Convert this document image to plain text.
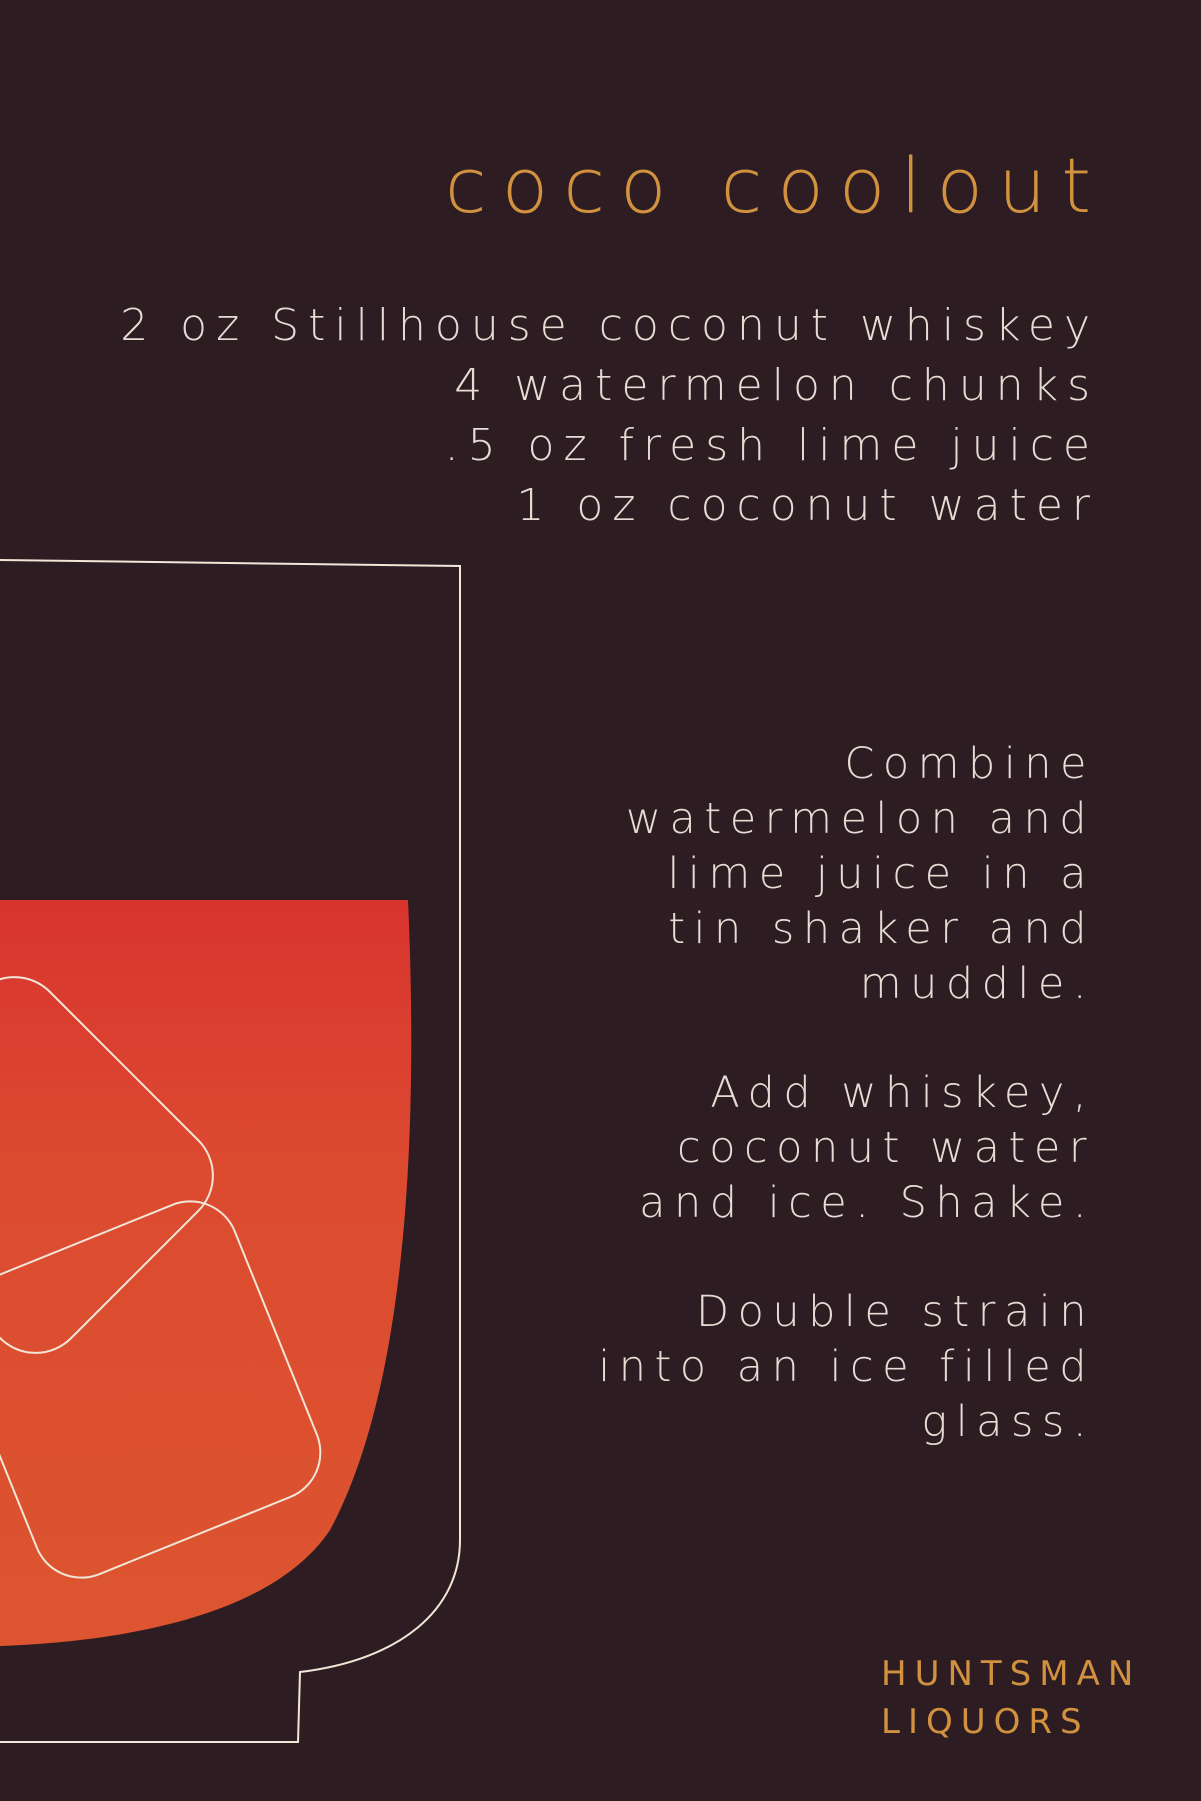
coco coolout
2 oz Stillhouse coconut whiskey
4 watermelon chunks
.5 oz fresh lime juice
1 oz coconut water

Combine watermelon and lime juice in a tin shaker and muddle.

Add whiskey, coconut water and ice. Shake.

Double strain into an ice filled glass.

HUNTSMAN
LIQUORS
